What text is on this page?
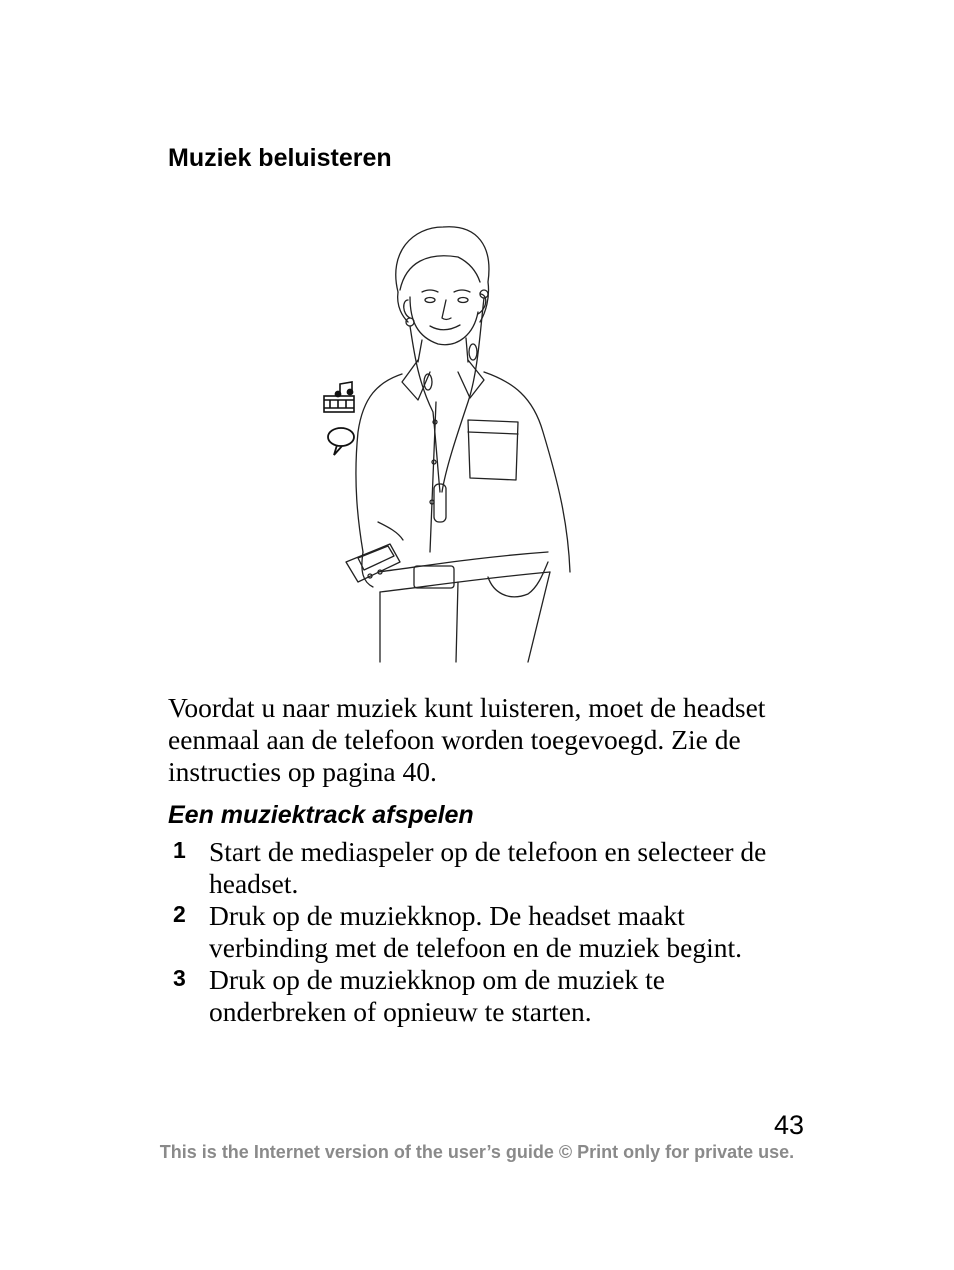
Muziek beluisteren
Voordat u naar muziek kunt luisteren, moet de headset eenmaal aan de telefoon worden toegevoegd. Zie de instructies op pagina 40.
Een muziektrack afspelen
1 Start de mediaspeler op de telefoon en selecteer de headset.
2 Druk op de muziekknop. De headset maakt verbinding met de telefoon en de muziek begint.
3 Druk op de muziekknop om de muziek te onderbreken of opnieuw te starten.
43
This is the Internet version of the user’s guide © Print only for private use.
